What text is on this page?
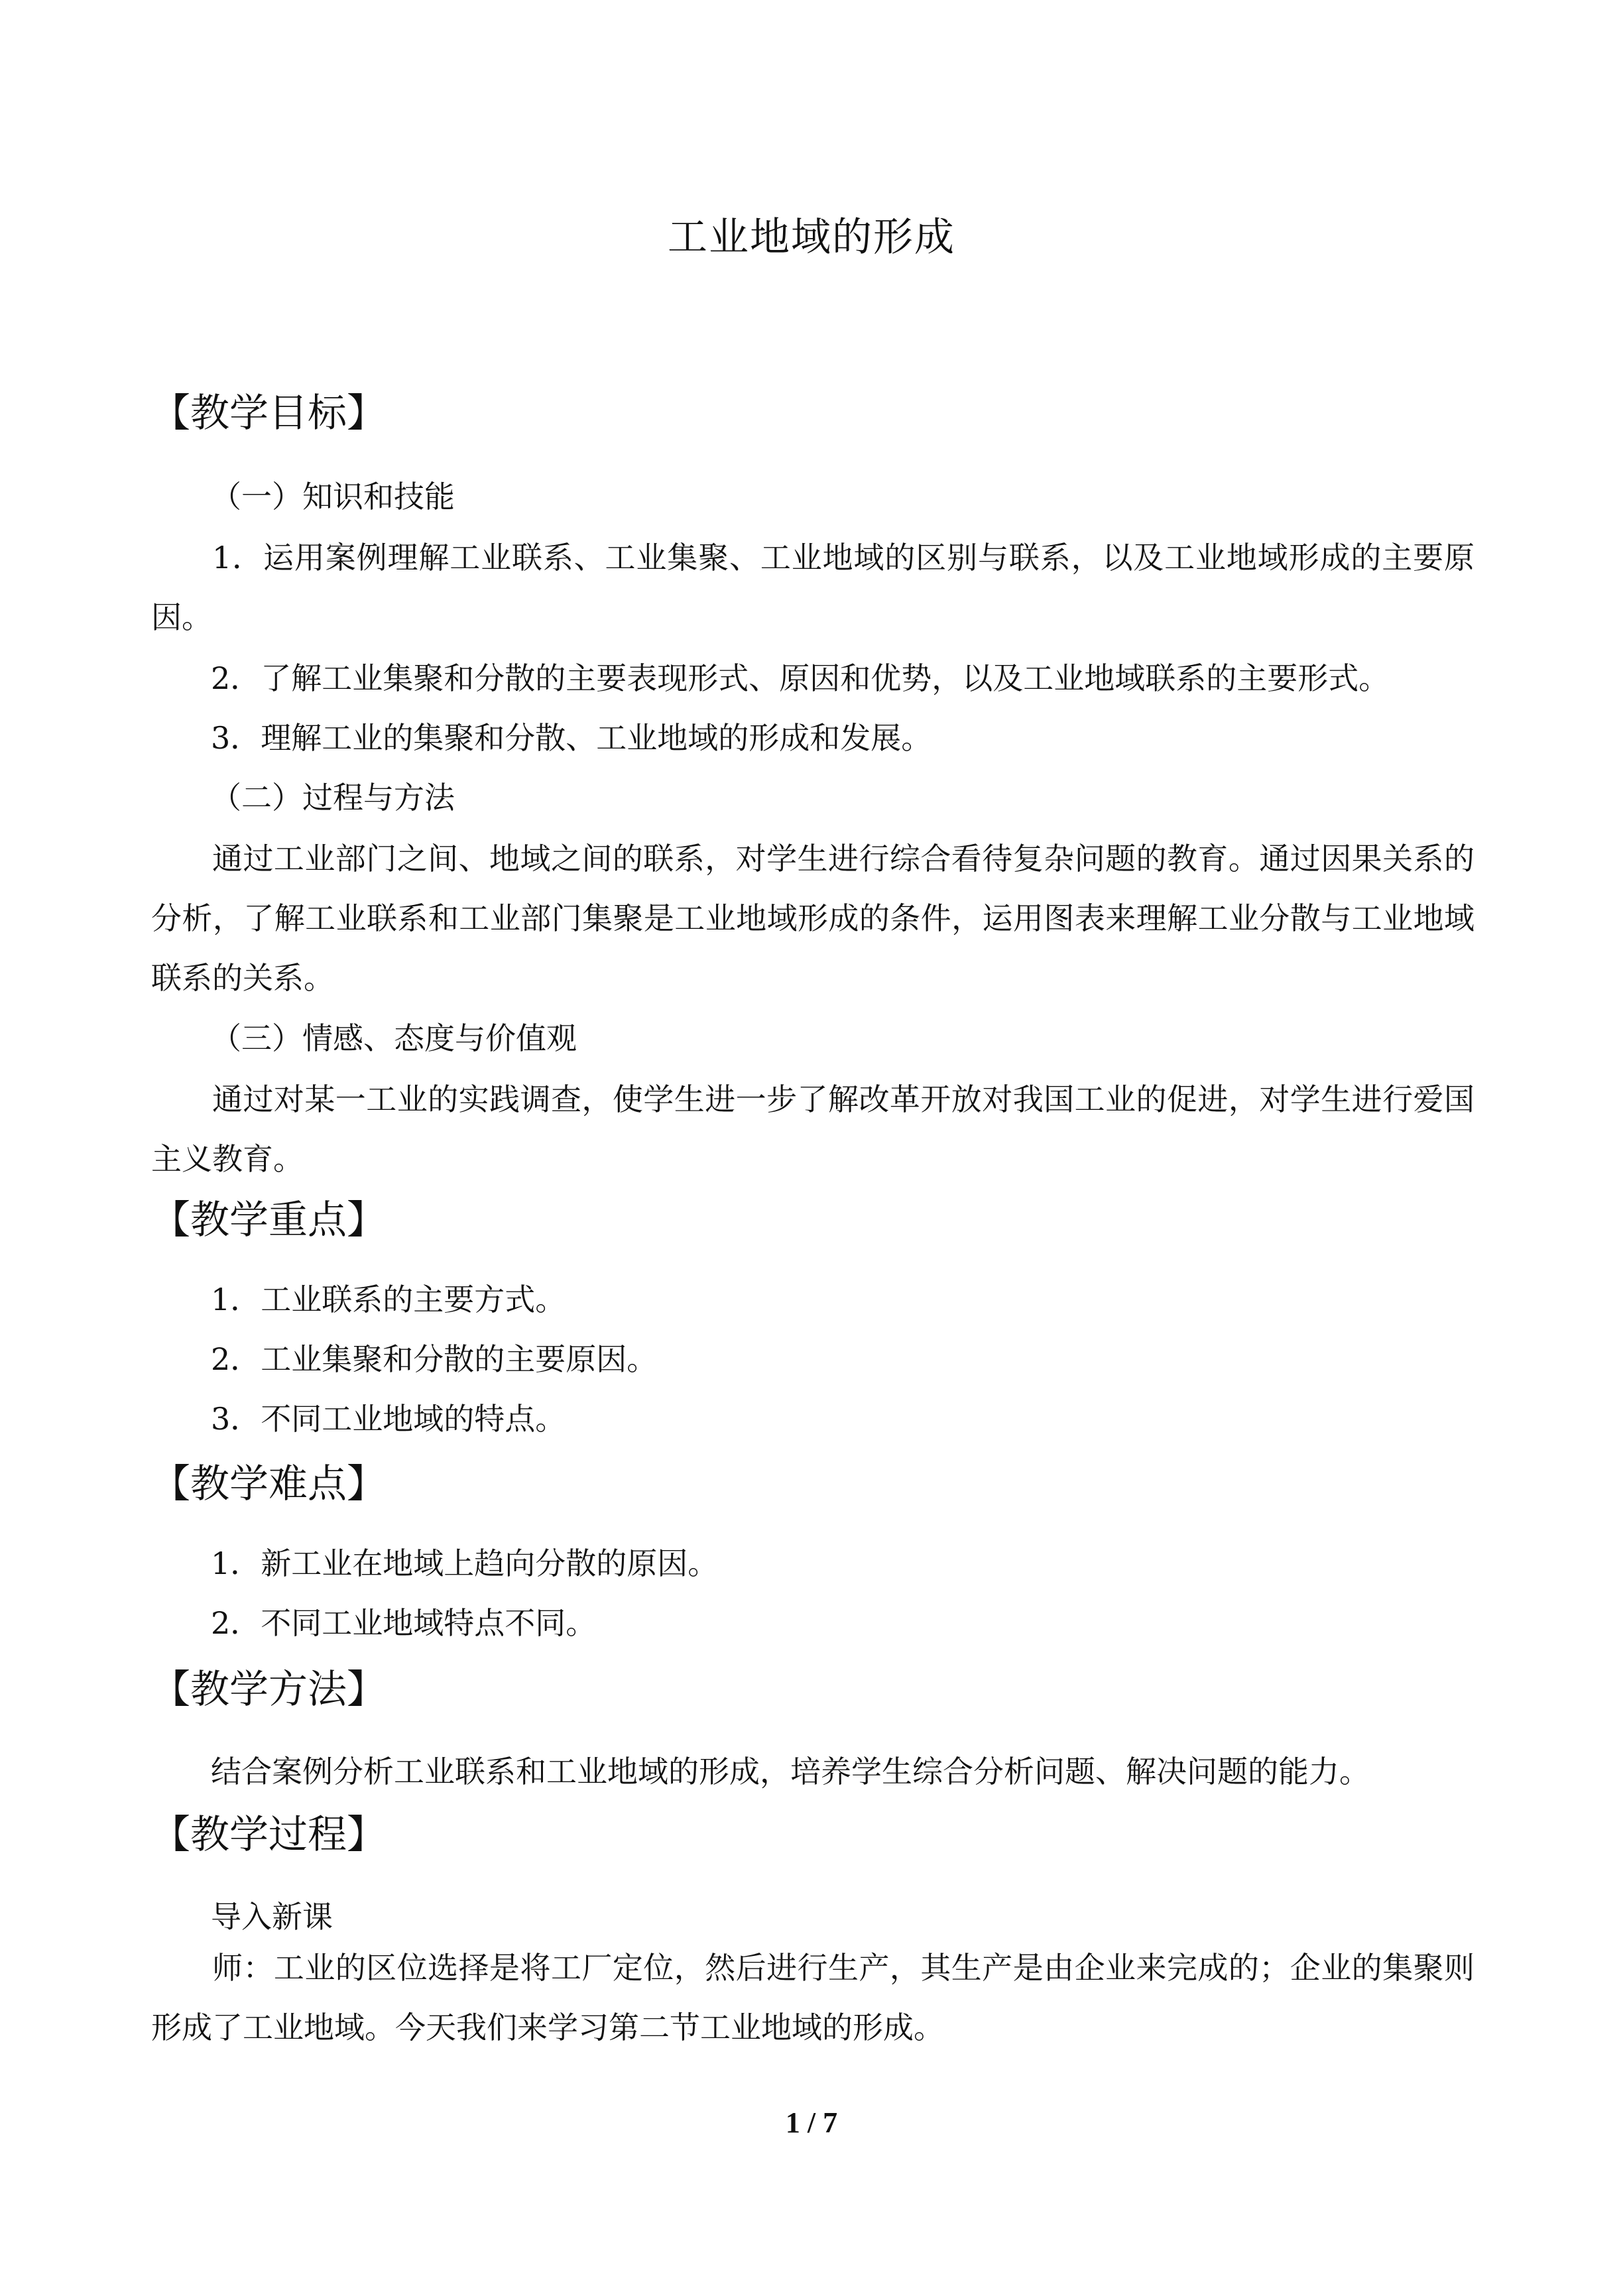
工业地域的形成
【教学目标】
（一）知识和技能
1．运用案例理解工业联系、工业集聚、工业地域的区别与联系，以及工业地域形成的主要原因。
2．了解工业集聚和分散的主要表现形式、原因和优势，以及工业地域联系的主要形式。
3．理解工业的集聚和分散、工业地域的形成和发展。
（二）过程与方法
通过工业部门之间、地域之间的联系，对学生进行综合看待复杂问题的教育。通过因果关系的分析，了解工业联系和工业部门集聚是工业地域形成的条件，运用图表来理解工业分散与工业地域联系的关系。
（三）情感、态度与价值观
通过对某一工业的实践调查，使学生进一步了解改革开放对我国工业的促进，对学生进行爱国主义教育。
【教学重点】
1．工业联系的主要方式。
2．工业集聚和分散的主要原因。
3．不同工业地域的特点。
【教学难点】
1．新工业在地域上趋向分散的原因。
2．不同工业地域特点不同。
【教学方法】
结合案例分析工业联系和工业地域的形成，培养学生综合分析问题、解决问题的能力。
【教学过程】
导入新课
师：工业的区位选择是将工厂定位，然后进行生产，其生产是由企业来完成的；企业的集聚则形成了工业地域。今天我们来学习第二节工业地域的形成。
1 / 7
